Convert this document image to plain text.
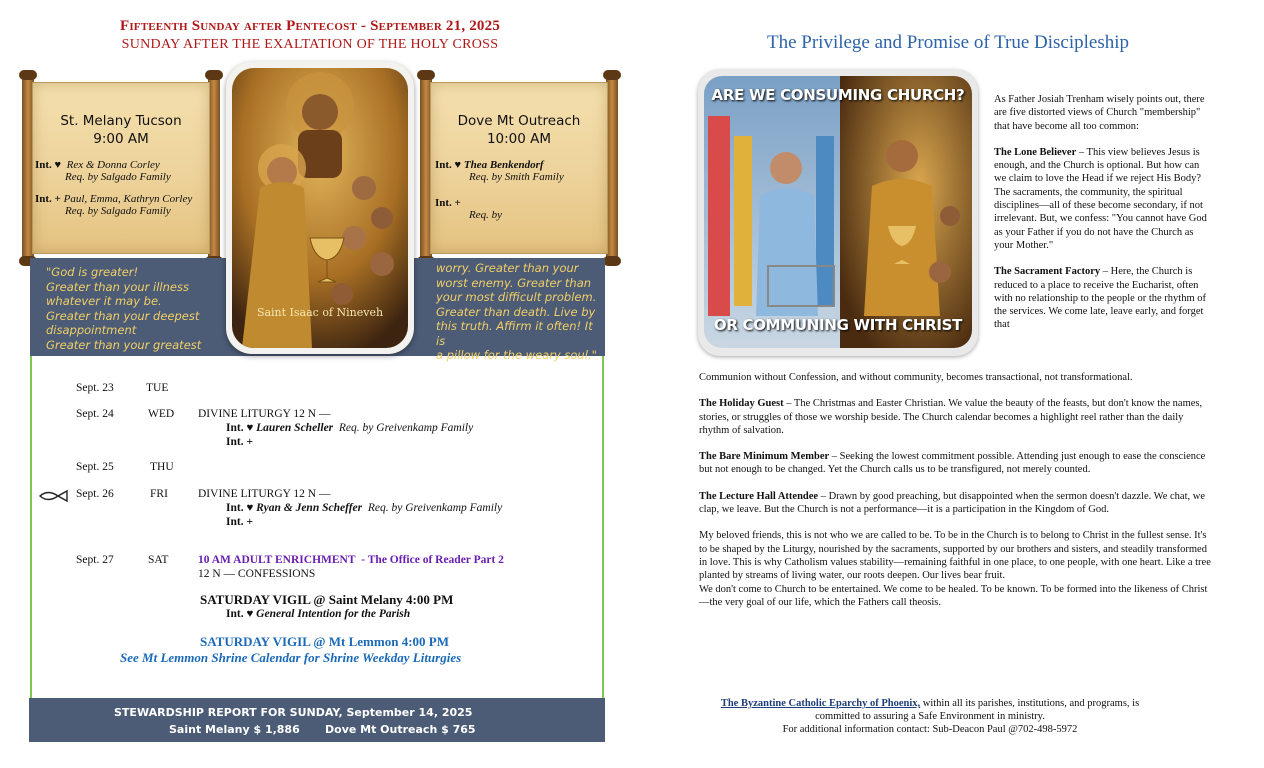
Fifteenth Sunday after Pentecost - September 21, 2025
SUNDAY AFTER THE EXALTATION OF THE HOLY CROSS
St. Melany Tucson
9:00 AM
Int. ♥ Rex & Donna Corley
Req. by Salgado Family
Int. + Paul, Emma, Kathryn Corley
Req. by Salgado Family
Dove Mt Outreach
10:00 AM
Int. ♥ Thea Benkendorf
Req. by Smith Family
Int. +
Req. by
"God is greater!
Greater than your illness
whatever it may be.
Greater than your deepest
disappointment
Greater than your greatest
worry. Greater than your
worst enemy. Greater than
your most difficult problem.
Greater than death. Live by
this truth. Affirm it often! It is
a pillow for the weary soul."
Saint Isaac of Nineveh
Sept. 23	TUE
Sept. 24	WED DIVINE LITURGY 12 N —
Int. ♥ Lauren Scheller Req. by Greivenkamp Family
Int. +
Sept. 25	THU
Sept. 26	FRI	DIVINE LITURGY 12 N —
Int. ♥ Ryan & Jenn Scheffer Req. by Greivenkamp Family
Int. +
Sept. 27	SAT	10 AM ADULT ENRICHMENT - The Office of Reader Part 2
12 N — CONFESSIONS
SATURDAY VIGIL @ Saint Melany 4:00 PM
Int. ♥ General Intention for the Parish
SATURDAY VIGIL @ Mt Lemmon 4:00 PM
See Mt Lemmon Shrine Calendar for Shrine Weekday Liturgies
STEWARDSHIP REPORT FOR SUNDAY, September 14, 2025
Saint Melany $ 1,886 Dove Mt Outreach $ 765
The Privilege and Promise of True Discipleship
ARE WE CONSUMING CHURCH?
OR COMMUNING WITH CHRIST
As Father Josiah Trenham wisely points out, there are five distorted views of Church "membership" that have become all too common:
The Lone Believer – This view believes Jesus is enough, and the Church is optional. But how can we claim to love the Head if we reject His Body? The sacraments, the community, the spiritual disciplines—all of these become secondary, if not irrelevant. But, we confess: "You cannot have God as your Father if you do not have the Church as your Mother."
The Sacrament Factory – Here, the Church is reduced to a place to receive the Eucharist, often with no relationship to the people or the rhythm of the services. We come late, leave early, and forget that
Communion without Confession, and without community, becomes transactional, not transformational.
The Holiday Guest – The Christmas and Easter Christian. We value the beauty of the feasts, but don't know the names, stories, or struggles of those we worship beside. The Church calendar becomes a highlight reel rather than the daily rhythm of salvation.
The Bare Minimum Member – Seeking the lowest commitment possible. Attending just enough to ease the conscience but not enough to be changed. Yet the Church calls us to be transfigured, not merely counted.
The Lecture Hall Attendee – Drawn by good preaching, but disappointed when the sermon doesn't dazzle. We chat, we clap, we leave. But the Church is not a performance—it is a participation in the Kingdom of God.
My beloved friends, this is not who we are called to be. To be in the Church is to belong to Christ in the fullest sense. It's to be shaped by the Liturgy, nourished by the sacraments, supported by our brothers and sisters, and steadily transformed in love. This is why Catholism values stability—remaining faithful in one place, to one people, with one heart. Like a tree planted by streams of living water, our roots deepen. Our lives bear fruit.
We don't come to Church to be entertained. We come to be healed. To be known. To be formed into the likeness of Christ—the very goal of our life, which the Fathers call theosis.
The Byzantine Catholic Eparchy of Phoenix, within all its parishes, institutions, and programs, is
committed to assuring a Safe Environment in ministry.
For additional information contact: Sub-Deacon Paul @702-498-5972
